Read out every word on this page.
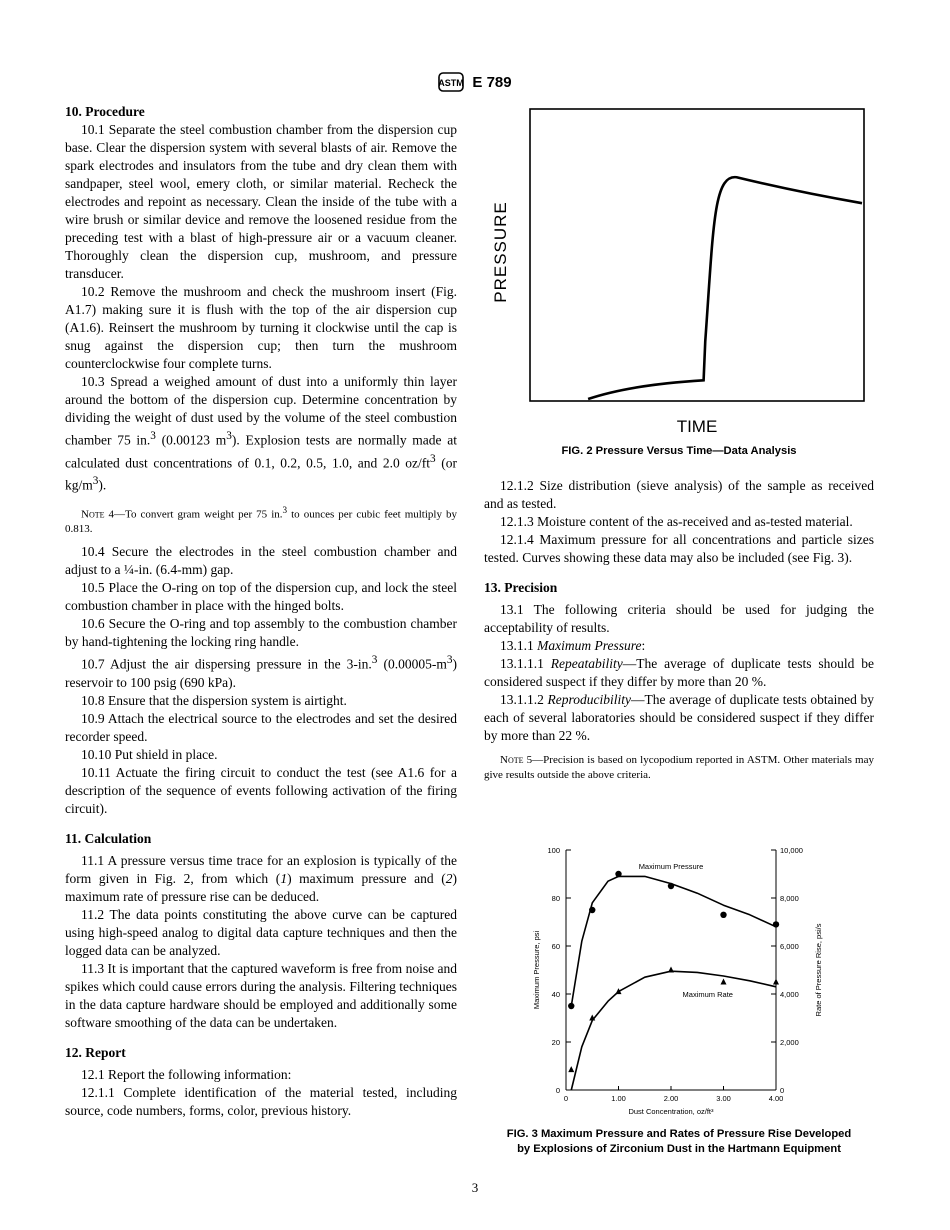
ASTM E 789
10. Procedure

10.1 Separate the steel combustion chamber from the dispersion cup base. Clear the dispersion system with several blasts of air. Remove the spark electrodes and insulators from the tube and dry clean them with sandpaper, steel wool, emery cloth, or similar material. Recheck the electrodes and repoint as necessary. Clean the inside of the tube with a wire brush or similar device and remove the loosened residue from the preceding test with a blast of high-pressure air or a vacuum cleaner. Thoroughly clean the dispersion cup, mushroom, and pressure transducer.

10.2 Remove the mushroom and check the mushroom insert (Fig. A1.7) making sure it is flush with the top of the air dispersion cup (A1.6). Reinsert the mushroom by turning it clockwise until the cap is snug against the dispersion cup; then turn the mushroom counterclockwise four complete turns.

10.3 Spread a weighed amount of dust into a uniformly thin layer around the bottom of the dispersion cup. Determine concentration by dividing the weight of dust used by the volume of the steel combustion chamber 75 in.$^3$ (0.00123 $m^3$). Explosion tests are normally made at calculated dust concentrations of 0.1, 0.2, 0.5, 1.0, and 2.0 $oz/ft^3$ (or $kg/m^3$).

Note 4—To convert gram weight per 75 in.$^3$ to ounces per cubic feet multiply by 0.813.

10.4 Secure the electrodes in the steel combustion chamber and adjust to a ¼-in. (6.4-mm) gap.

10.5 Place the O-ring on top of the dispersion cup, and lock the steel combustion chamber in place with the hinged bolts.

10.6 Secure the O-ring and top assembly to the combustion chamber by hand-tightening the locking ring handle.

10.7 Adjust the air dispersing pressure in the 3-in.$^3$ $(0.00005-m^3)$ reservoir to 100 psig (690 kPa).

10.8 Ensure that the dispersion system is airtight.

10.9 Attach the electrical source to the electrodes and set the desired recorder speed.

10.10 Put shield in place.

10.11 Actuate the firing circuit to conduct the test (see A1.6 for a description of the sequence of events following activation of the firing circuit).

11. Calculation

11.1 A pressure versus time trace for an explosion is typically of the form given in Fig. 2, from which (1) maximum pressure and (2) maximum rate of pressure rise can be deduced.

11.2 The data points constituting the above curve can be captured using high-speed analog to digital data capture techniques and then the logged data can be analyzed.

11.3 It is important that the captured waveform is free from noise and spikes which could cause errors during the analysis. Filtering techniques in the data capture hardware should be employed and additionally some software smoothing of the data can be undertaken.

12. Report

12.1 Report the following information:

12.1.1 Complete identification of the material tested, including source, code numbers, forms, color, previous history.

PRESSURE
TIME
FIG. 2 Pressure Versus Time—Data Analysis

12.1.2 Size distribution (sieve analysis) of the sample as received and as tested.

12.1.3 Moisture content of the as-received and as-tested material.

12.1.4 Maximum pressure for all concentrations and particle sizes tested. Curves showing these data may also be included (see Fig. 3).

13. Precision

13.1 The following criteria should be used for judging the acceptability of results.

13.1.1 Maximum Pressure:

13.1.1.1 Repeatability—The average of duplicate tests should be considered suspect if they differ by more than 20 %.

13.1.1.2 Reproducibility—The average of duplicate tests obtained by each of several laboratories should be considered suspect if they differ by more than 22 %.

Note 5—Precision is based on lycopodium reported in ASTM. Other materials may give results outside the above criteria.

0
20
40
60
80
100
0
2,000
4,000
6,000
8,000
10,000
0	1.00	2.00	3.00	4.00
Dust Concentration, oz/ft³
Maximum Pressure, psi	Rate of Pressure Rise, psi/s
Maximum Pressure
Maximum Rate
FIG. 3 Maximum Pressure and Rates of Pressure Rise Developed
by Explosions of Zirconium Dust in the Hartmann Equipment
3
